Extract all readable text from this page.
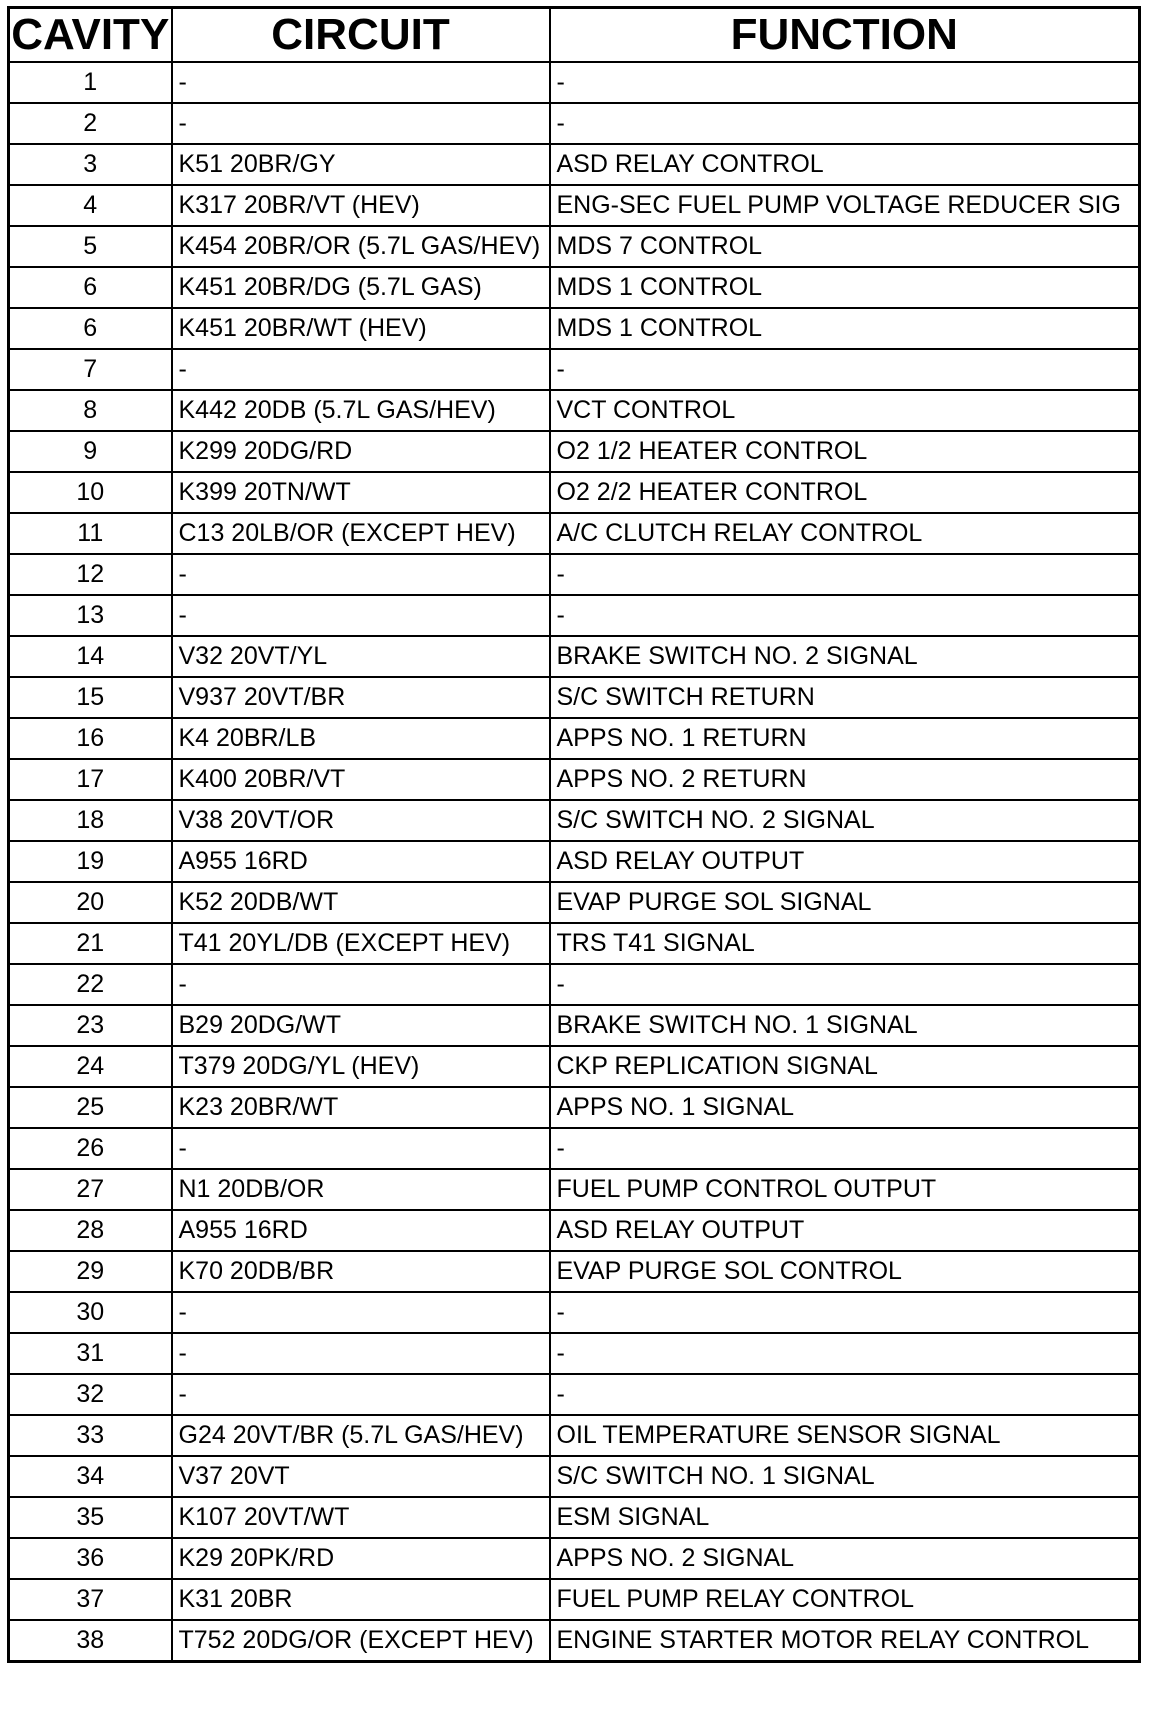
CAVITY	CIRCUIT	FUNCTION
1	-	-
2	-	-
3	K51 20BR/GY	ASD RELAY CONTROL
4	K317 20BR/VT (HEV)	ENG-SEC FUEL PUMP VOLTAGE REDUCER SIG
5	K454 20BR/OR (5.7L GAS/HEV)	MDS 7 CONTROL
6	K451 20BR/DG (5.7L GAS)	MDS 1 CONTROL
6	K451 20BR/WT (HEV)	MDS 1 CONTROL
7	-	-
8	K442 20DB (5.7L GAS/HEV)	VCT CONTROL
9	K299 20DG/RD	O2 1/2 HEATER CONTROL
10	K399 20TN/WT	O2 2/2 HEATER CONTROL
11	C13 20LB/OR (EXCEPT HEV)	A/C CLUTCH RELAY CONTROL
12	-	-
13	-	-
14	V32 20VT/YL	BRAKE SWITCH NO. 2 SIGNAL
15	V937 20VT/BR	S/C SWITCH RETURN
16	K4 20BR/LB	APPS NO. 1 RETURN
17	K400 20BR/VT	APPS NO. 2 RETURN
18	V38 20VT/OR	S/C SWITCH NO. 2 SIGNAL
19	A955 16RD	ASD RELAY OUTPUT
20	K52 20DB/WT	EVAP PURGE SOL SIGNAL
21	T41 20YL/DB (EXCEPT HEV)	TRS T41 SIGNAL
22	-	-
23	B29 20DG/WT	BRAKE SWITCH NO. 1 SIGNAL
24	T379 20DG/YL (HEV)	CKP REPLICATION SIGNAL
25	K23 20BR/WT	APPS NO. 1 SIGNAL
26	-	-
27	N1 20DB/OR	FUEL PUMP CONTROL OUTPUT
28	A955 16RD	ASD RELAY OUTPUT
29	K70 20DB/BR	EVAP PURGE SOL CONTROL
30	-	-
31	-	-
32	-	-
33	G24 20VT/BR (5.7L GAS/HEV)	OIL TEMPERATURE SENSOR SIGNAL
34	V37 20VT	S/C SWITCH NO. 1 SIGNAL
35	K107 20VT/WT	ESM SIGNAL
36	K29 20PK/RD	APPS NO. 2 SIGNAL
37	K31 20BR	FUEL PUMP RELAY CONTROL
38	T752 20DG/OR (EXCEPT HEV)	ENGINE STARTER MOTOR RELAY CONTROL
